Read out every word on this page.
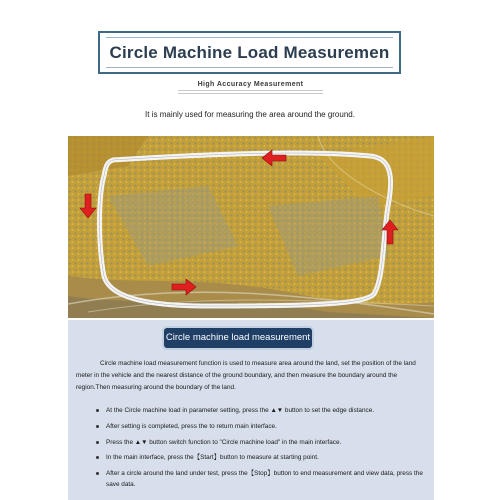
Circle Machine Load Measuremen
High Accuracy Measurement
It is mainly used for measuring the area around the ground.
Circle machine load measurement
Circle machine load measurement function is used to measure area around the land, set the position of the land meter in the vehicle and the nearest distance of the ground boundary, and then measure the boundary around the region.Then measuring around the boundary of the land.
At the Circle machine load in parameter setting, press the ▲▼ button to set the edge distance.
After setting is completed, press the to return main interface.
Press the ▲▼ button switch function to "Circle machine load" in the main interface.
In the main interface, press the【Start】button to measure at starting point.
After a circle around the land under test, press the【Stop】button to end measurement and view data, press the save data.
